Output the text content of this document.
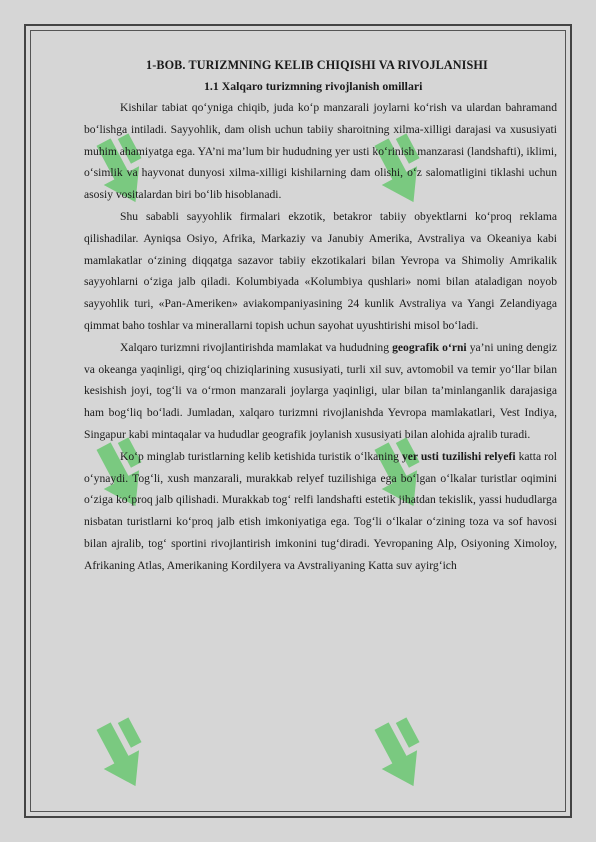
1-BOB. TURIZMNING KELIB CHIQISHI VA RIVOJLANISHI
1.1 Xalqaro turizmning rivojlanish omillari

Kishilar tabiat qo‘yniga chiqib, juda ko‘p manzarali joylarni ko‘rish va ulardan bahramand bo‘lishga intiladi. Sayyohlik, dam olish uchun tabiiy sharoitning xilma-xilligi darajasi va xususiyati muhim ahamiyatga ega. YA’ni ma’lum bir hududning yer usti ko‘rinish manzarasi (landshafti), iklimi, o‘simlik va hayvonat dunyosi xilma-xilligi kishilarning dam olishi, o‘z salomatligini tiklashi uchun asosiy vositalardan biri bo‘lib hisoblanadi.

Shu sababli sayyohlik firmalari ekzotik, betakror tabiiy obyektlarni ko‘proq reklama qilishadilar. Ayniqsa Osiyo, Afrika, Markaziy va Janubiy Amerika, Avstraliya va Okeaniya kabi mamlakatlar o‘zining diqqatga sazavor tabiiy ekzotikalari bilan Yevropa va Shimoliy Amrikalik sayyohlarni o‘ziga jalb qiladi. Kolumbiyada «Kolumbiya qushlari» nomi bilan ataladigan noyob sayyohlik turi, «Pan-Ameriken» aviakompaniyasining 24 kunlik Avstraliya va Yangi Zelandiyaga qimmat baho toshlar va minerallarni topish uchun sayohat uyushtirishi misol bo‘ladi.

Xalqaro turizmni rivojlantirishda mamlakat va hududning geografik o‘rni ya’ni uning dengiz va okeanga yaqinligi, qirg‘oq chiziqlarining xususiyati, turli xil suv, avtomobil va temir yo‘llar bilan kesishish joyi, tog‘li va o‘rmon manzarali joylarga yaqinligi, ular bilan ta’minlanganlik darajasiga ham bog‘liq bo‘ladi. Jumladan, xalqaro turizmni rivojlanishda Yevropa mamlakatlari, Vest Indiya, Singapur kabi mintaqalar va hududlar geografik joylanish xususiyati bilan alohida ajralib turadi.

Ko‘p minglab turistlarning kelib ketishida turistik o‘lkaning yer usti tuzilishi relyefi katta rol o‘ynaydi. Tog‘li, xush manzarali, murakkab relyef tuzilishiga ega bo‘lgan o‘lkalar turistlar oqimini o‘ziga ko‘proq jalb qilishadi. Murakkab tog‘ relfi landshafti estetik jihatdan tekislik, yassi hududlarga nisbatan turistlarni ko‘proq jalb etish imkoniyatiga ega. Tog‘li o‘lkalar o‘zining toza va sof havosi bilan ajralib, tog‘ sportini rivojlantirish imkonini tug‘diradi. Yevropaning Alp, Osiyoning Ximoloy, Afrikaning Atlas, Amerikaning Kordilyera va Avstraliyaning Katta suv ayirg‘ich
